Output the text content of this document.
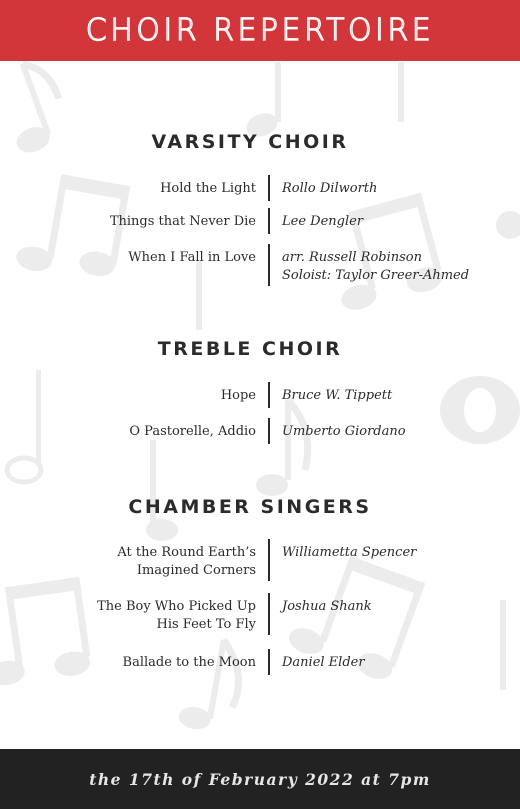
CHOIR REPERTOIRE
VARSITY CHOIR
Hold the Light Rollo Dilworth
Things that Never Die Lee Dengler
When I Fall in Love arr. Russell Robinson
Soloist: Taylor Greer-Ahmed
TREBLE CHOIR
Hope Bruce W. Tippett
O Pastorelle, Addio Umberto Giordano
CHAMBER SINGERS
At the Round Earth’s
Imagined Corners
Williametta Spencer
The Boy Who Picked Up
His Feet To Fly
Joshua Shank
Ballade to the Moon Daniel Elder
the 17th of February 2022 at 7pm
